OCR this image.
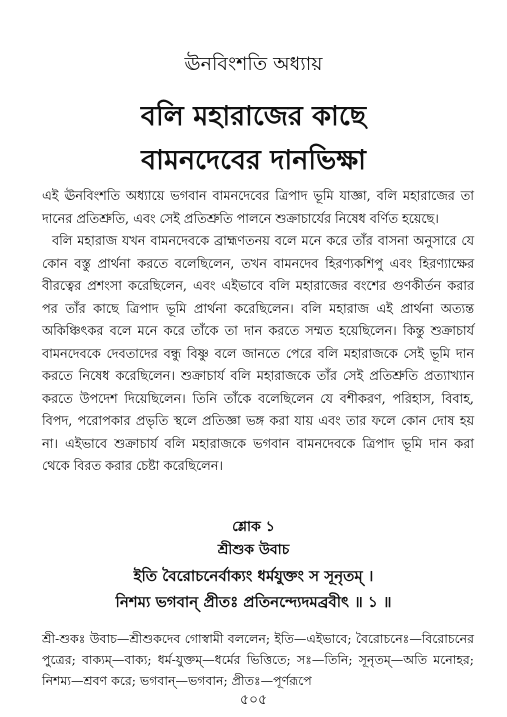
ঊনবিংশতি অধ্যায়
বলি মহারাজের কাছে
বামনদেবের দানভিক্ষা

এই ঊনবিংশতি অধ্যায়ে ভগবান বামনদেবের ত্রিপাদ ভূমি যাজ্ঞা, বলি মহারাজের তা দানের প্রতিশ্রুতি, এবং সেই প্রতিশ্রুতি পালনে শুক্রাচার্যের নিষেধ বর্ণিত হয়েছে।

বলি মহারাজ যখন বামনদেবকে ব্রাহ্মণতনয় বলে মনে করে তাঁর বাসনা অনুসারে যে কোন বস্তু প্রার্থনা করতে বলেছিলেন, তখন বামনদেব হিরণ্যকশিপু এবং হিরণ্যাক্ষের বীরত্বের প্রশংসা করেছিলেন, এবং এইভাবে বলি মহারাজের বংশের গুণকীর্তন করার পর তাঁর কাছে ত্রিপাদ ভূমি প্রার্থনা করেছিলেন। বলি মহারাজ এই প্রার্থনা অত্যন্ত অকিঞ্চিৎকর বলে মনে করে তাঁকে তা দান করতে সম্মত হয়েছিলেন। কিন্তু শুক্রাচার্য বামনদেবকে দেবতাদের বন্ধু বিষ্ণু বলে জানতে পেরে বলি মহারাজকে সেই ভূমি দান করতে নিষেধ করেছিলেন। শুক্রাচার্য বলি মহারাজকে তাঁর সেই প্রতিশ্রুতি প্রত্যাখ্যান করতে উপদেশ দিয়েছিলেন। তিনি তাঁকে বলেছিলেন যে বশীকরণ, পরিহাস, বিবাহ, বিপদ, পরোপকার প্রভৃতি স্থলে প্রতিজ্ঞা ভঙ্গ করা যায় এবং তার ফলে কোন দোষ হয় না। এইভাবে শুক্রাচার্য বলি মহারাজকে ভগবান বামনদেবকে ত্রিপাদ ভূমি দান করা থেকে বিরত করার চেষ্টা করেছিলেন।

শ্লোক ১
শ্রীশুক উবাচ
ইতি বৈরোচনের্বাক্যং ধর্মযুক্তং স সূনৃতম্ ।
নিশম্য ভগবান্ প্রীতঃ প্রতিনন্দ্যেদমব্রবীৎ ॥ ১ ॥
শ্রী-শুকঃ উবাচ—শ্রীশুকদেব গোস্বামী বললেন; ইতি—এইভাবে; বৈরোচনেঃ—বিরোচনের পুত্রের; বাক্যম্—বাক্য; ধর্ম-যুক্তম্—ধর্মের ভিত্তিতে; সঃ—তিনি; সূনৃতম্—অতি মনোহর; নিশম্য—শ্রবণ করে; ভগবান্—ভগবান; প্রীতঃ—পূর্ণরূপে
৫০৫
